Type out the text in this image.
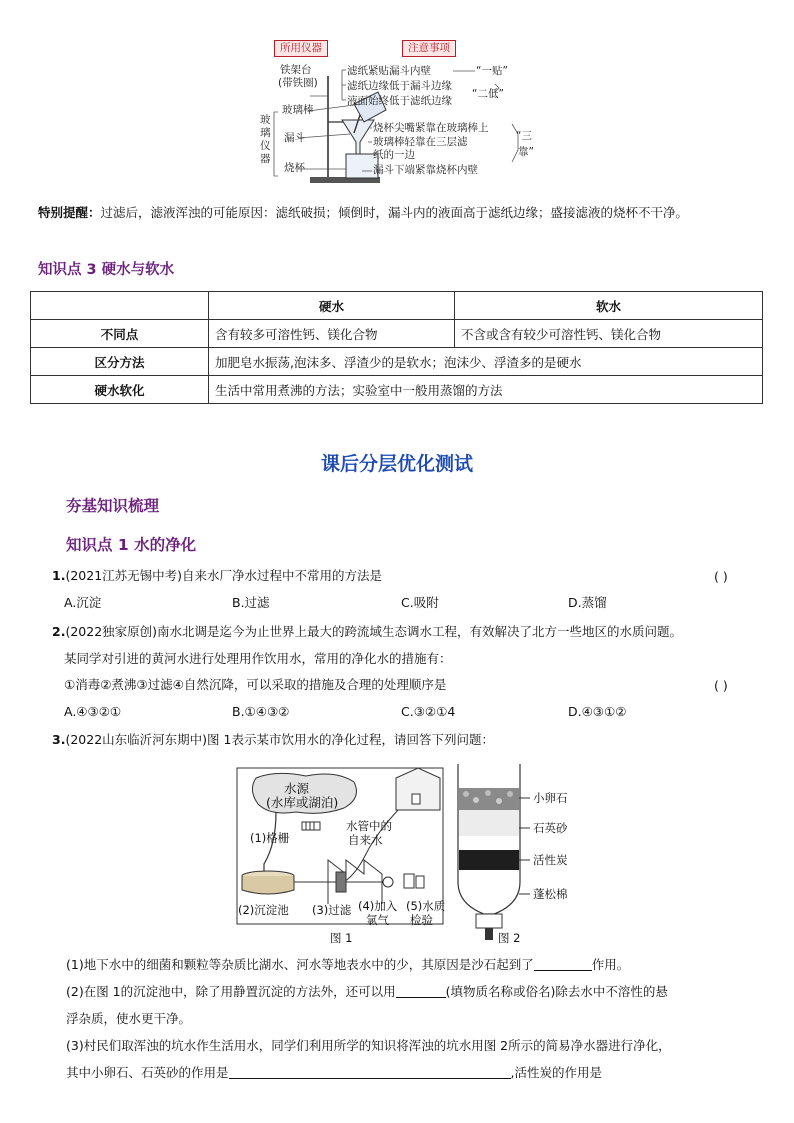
所用仪器	注意事项
铁架台
(带铁圈)
玻璃棒
漏斗
烧杯
玻
璃
仪
器
滤纸紧贴漏斗内壁
滤纸边缘低于漏斗边缘
液面始终低于滤纸边缘
烧杯尖嘴紧靠在玻璃棒上
玻璃棒轻靠在三层滤
纸的一边
漏斗下端紧靠烧杯内壁
“一贴”
“二低”
“三
靠”
特别提醒：过滤后，滤液浑浊的可能原因：滤纸破损；倾倒时，漏斗内的液面高于滤纸边缘；盛接滤液的烧杯不干净。
知识点 3 硬水与软水
	硬水	软水
不同点	含有较多可溶性钙、镁化合物	不含或含有较少可溶性钙、镁化合物
区分方法	加肥皂水振荡,泡沫多、浮渣少的是软水；泡沫少、浮渣多的是硬水	
硬水软化	生活中常用煮沸的方法；实验室中一般用蒸馏的方法	
课后分层优化测试
夯基知识梳理
知识点 1 水的净化
1.(2021江苏无锡中考)自来水厂净水过程中不常用的方法是	( )
A.沉淀	B.过滤	C.吸附	D.蒸馏
2.(2022独家原创)南水北调是迄今为止世界上最大的跨流域生态调水工程，有效解决了北方一些地区的水质问题。
某同学对引进的黄河水进行处理用作饮用水，常用的净化水的措施有：
①消毒②煮沸③过滤④自然沉降，可以采取的措施及合理的处理顺序是	( )
A.④③②①	B.①④③②	C.③②①4	D.④③①②
3.(2022山东临沂河东期中)图 1表示某市饮用水的净化过程，请回答下列问题：
水源
(水库或湖泊)
(1)格栅
水管中的
自来水
(2)沉淀池 (3)过滤 (4)加入
氯气
(5)水质
检验
小卵石
石英砂
活性炭
蓬松棉
图 1	图 2
(1)地下水中的细菌和颗粒等杂质比湖水、河水等地表水中的少，其原因是沙石起到了	作用。
(2)在图 1的沉淀池中，除了用静置沉淀的方法外，还可以用	(填物质名称或俗名)除去水中不溶性的悬
浮杂质，使水更干净。
(3)村民们取浑浊的坑水作生活用水，同学们利用所学的知识将浑浊的坑水用图 2所示的简易净水器进行净化，
其中小卵石、石英砂的作用是	,活性炭的作用是
